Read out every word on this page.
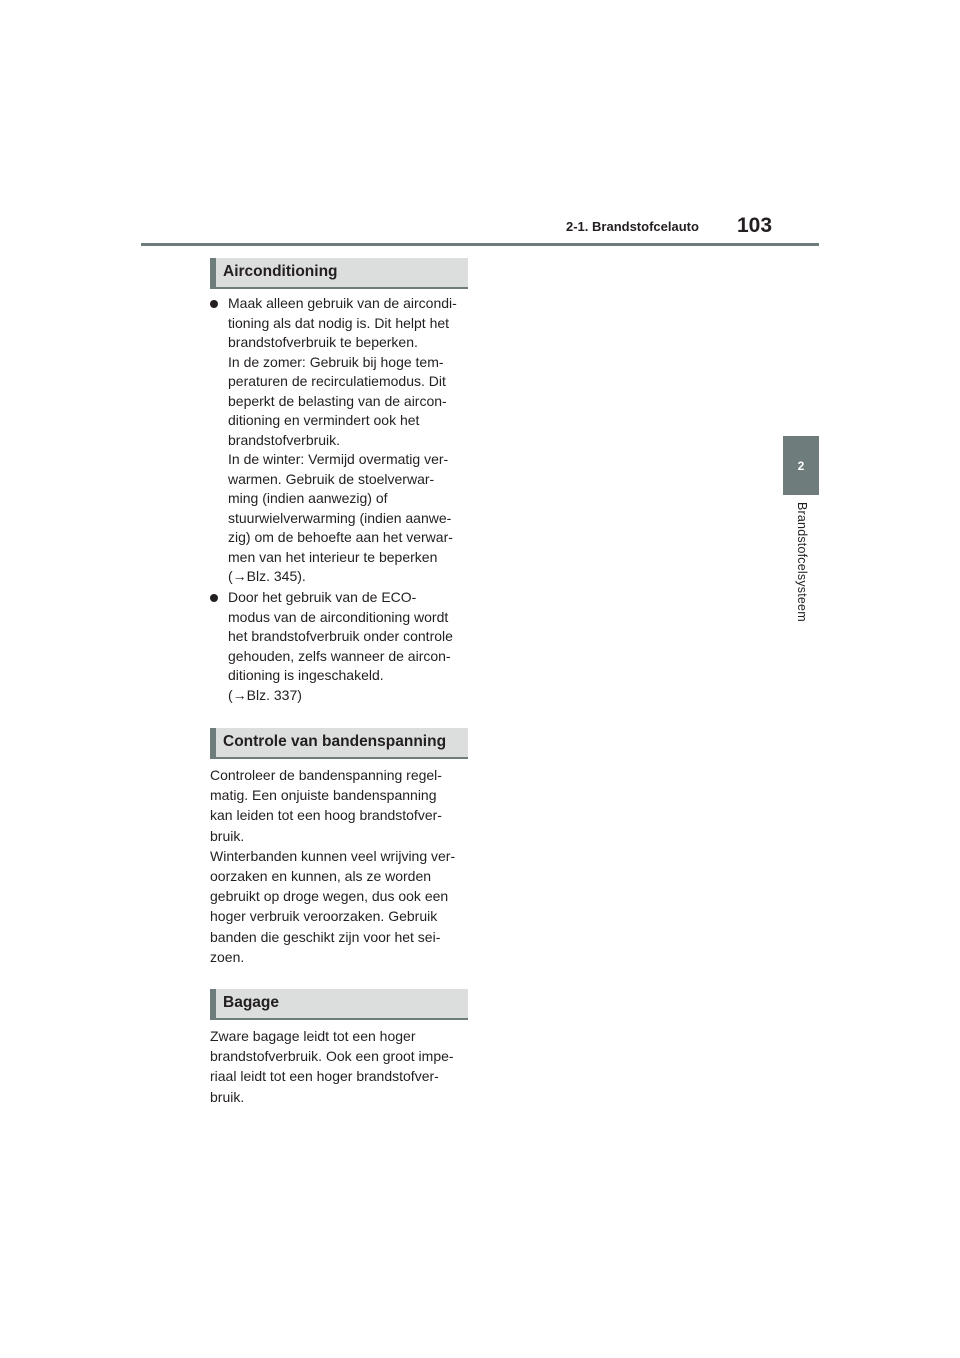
2-1. Brandstofcelauto 103
2
Brandstofcelsysteem
Airconditioning
Maak alleen gebruik van de aircondi-
tioning als dat nodig is. Dit helpt het
brandstofverbruik te beperken.
In de zomer: Gebruik bij hoge tem-
peraturen de recirculatiemodus. Dit
beperkt de belasting van de aircon-
ditioning en vermindert ook het
brandstofverbruik.
In de winter: Vermijd overmatig ver-
warmen. Gebruik de stoelverwar-
ming (indien aanwezig) of
stuurwielverwarming (indien aanwe-
zig) om de behoefte aan het verwar-
men van het interieur te beperken
(→Blz. 345).
Door het gebruik van de ECO-
modus van de airconditioning wordt
het brandstofverbruik onder controle
gehouden, zelfs wanneer de aircon-
ditioning is ingeschakeld.
(→Blz. 337)
Controle van bandenspanning
Controleer de bandenspanning regel-
matig. Een onjuiste bandenspanning
kan leiden tot een hoog brandstofver-
bruik.
Winterbanden kunnen veel wrijving ver-
oorzaken en kunnen, als ze worden
gebruikt op droge wegen, dus ook een
hoger verbruik veroorzaken. Gebruik
banden die geschikt zijn voor het sei-
zoen.
Bagage
Zware bagage leidt tot een hoger
brandstofverbruik. Ook een groot impe-
riaal leidt tot een hoger brandstofver-
bruik.
